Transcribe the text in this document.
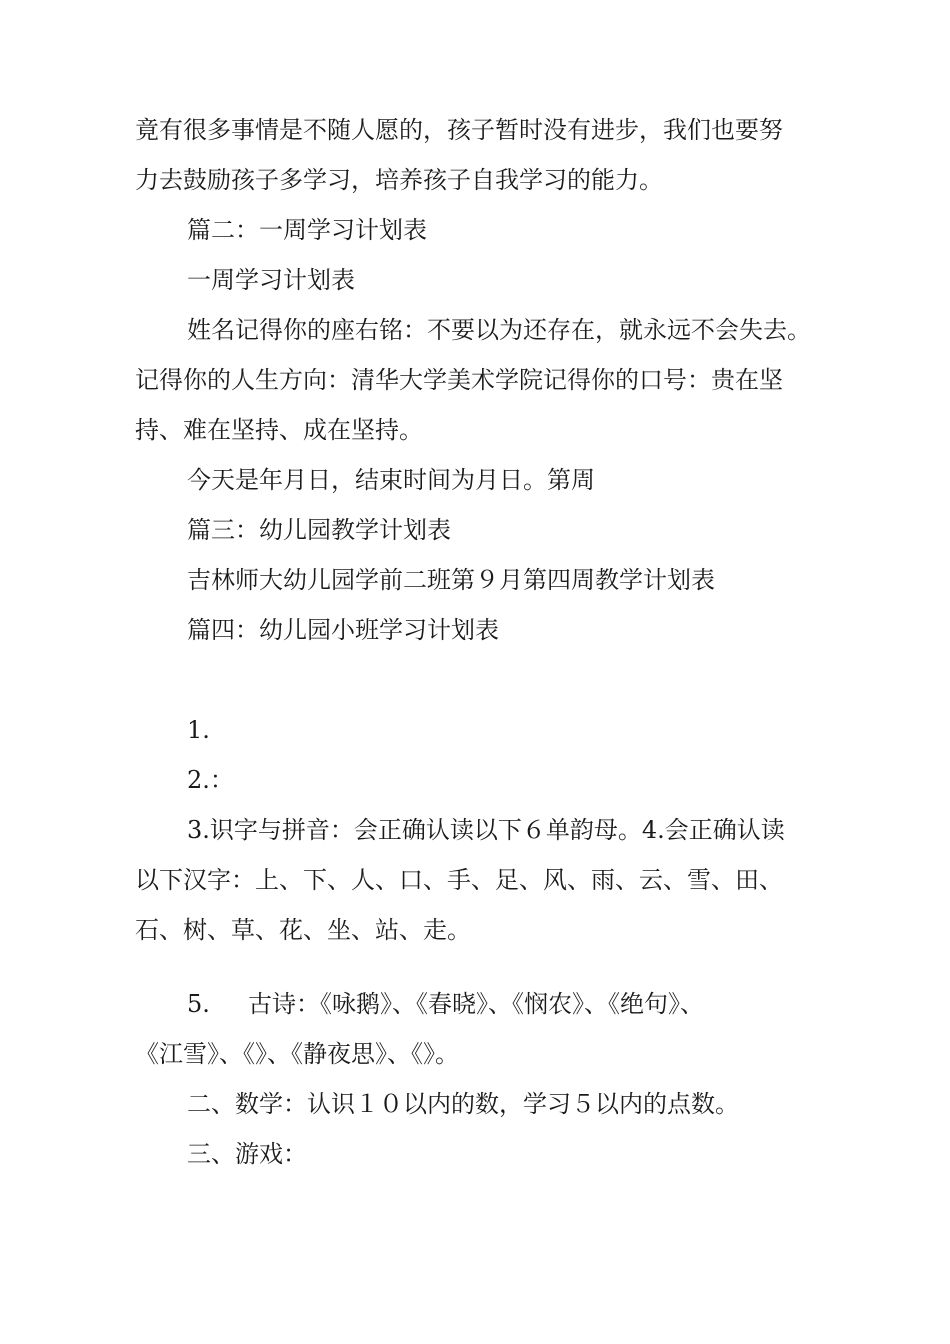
竟有很多事情是不随人愿的，孩子暂时没有进步，我们也要努

力去鼓励孩子多学习，培养孩子自我学习的能力。

篇二：一周学习计划表

一周学习计划表

姓名记得你的座右铭：不要以为还存在，就永远不会失去。

记得你的人生方向：清华大学美术学院记得你的口号：贵在坚

持、难在坚持、成在坚持。

今天是年月日，结束时间为月日。第周

篇三：幼儿园教学计划表

吉林师大幼儿园学前二班第９月第四周教学计划表

篇四：幼儿园小班学习计划表

1.

2.：

3.识字与拼音：会正确认读以下６单韵母。4.会正确认读

以下汉字：上、下、人、口、手、足、风、雨、云、雪、田、

石、树、草、花、坐、站、走。

5. 古诗：《咏鹅》、《春晓》、《悯农》、《绝句》、

《江雪》、《》、《静夜思》、《》。

二、数学：认识１０以内的数，学习５以内的点数。

三、游戏：
